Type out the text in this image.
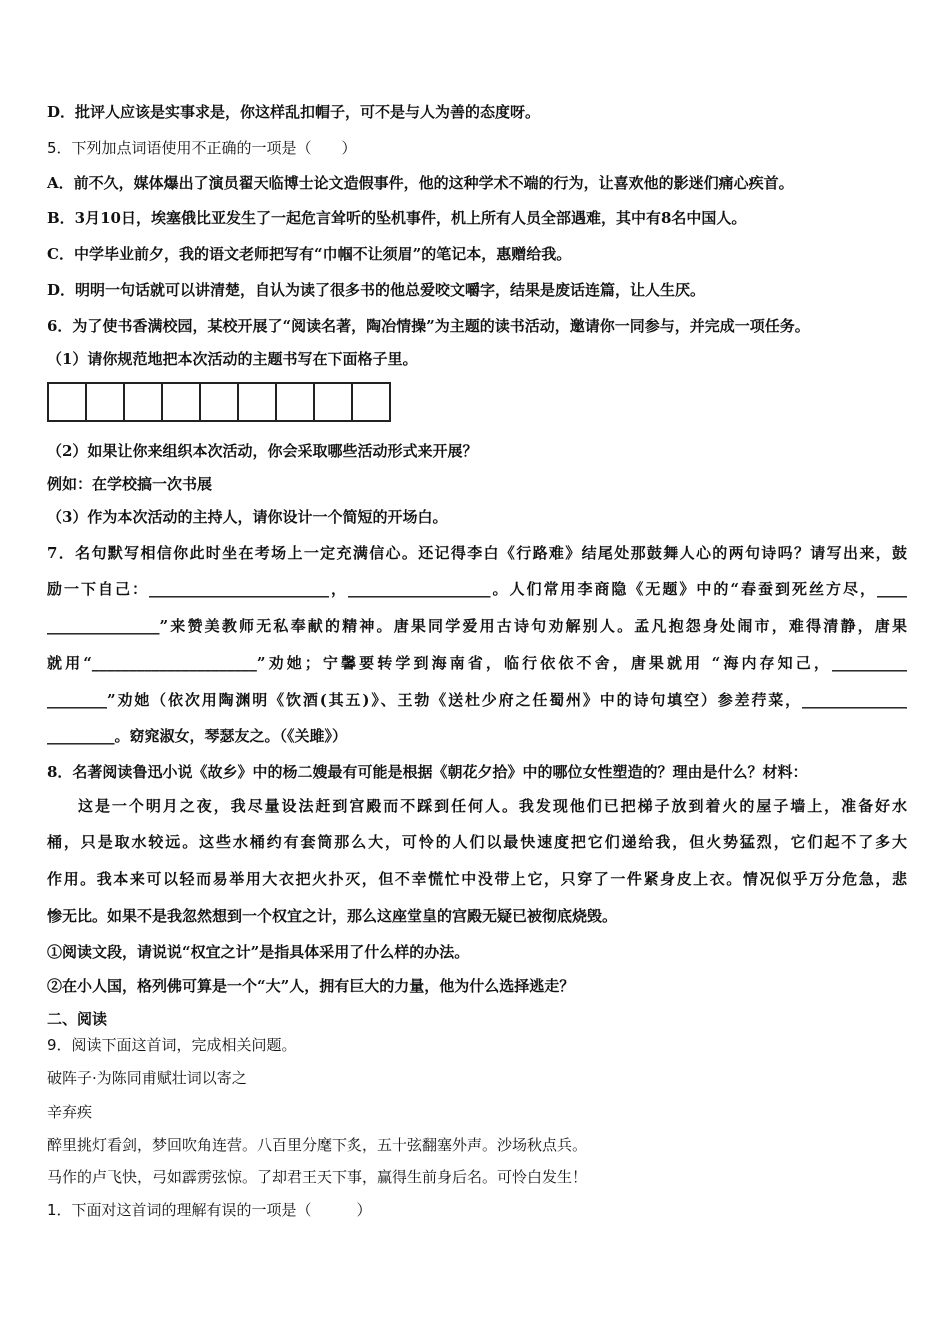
D．批评人应该是实事求是，你这样乱扣帽子，可不是与人为善的态度呀。
5．下列加点词语使用不正确的一项是（　　）
A．前不久，媒体爆出了演员翟天临博士论文造假事件，他的这种学术不端的行为，让喜欢他的影迷们痛心疾首。
B．3月10日，埃塞俄比亚发生了一起危言耸听的坠机事件，机上所有人员全部遇难，其中有8名中国人。
C．中学毕业前夕，我的语文老师把写有“巾帼不让须眉”的笔记本，惠赠给我。
D．明明一句话就可以讲清楚，自认为读了很多书的他总爱咬文嚼字，结果是废话连篇，让人生厌。
6．为了使书香满校园，某校开展了“阅读名著，陶冶情操”为主题的读书活动，邀请你一同参与，并完成一项任务。
（1）请你规范地把本次活动的主题书写在下面格子里。
（2）如果让你来组织本次活动，你会采取哪些活动形式来开展？
例如：在学校搞一次书展
（3）作为本次活动的主持人，请你设计一个简短的开场白。
7．名句默写相信你此时坐在考场上一定充满信心。还记得李白《行路难》结尾处那鼓舞人心的两句诗吗？请写出来，鼓
励一下自己：________________________，___________________。人们常用李商隐《无题》中的“春蚕到死丝方尽，____
_______________”来赞美教师无私奉献的精神。唐果同学爱用古诗句劝解别人。孟凡抱怨身处闹市，难得清静，唐果
就用“______________________”劝她；宁馨要转学到海南省，临行依依不舍，唐果就用 “海内存知己，__________
________”劝她（依次用陶渊明《饮酒(其五)》、王勃《送杜少府之任蜀州》中的诗句填空）参差荇菜，______________
_________。窈窕淑女，琴瑟友之。（《关雎》）
8．名著阅读鲁迅小说《故乡》中的杨二嫂最有可能是根据《朝花夕拾》中的哪位女性塑造的？理由是什么？材料：
这是一个明月之夜，我尽量设法赶到宫殿而不踩到任何人。我发现他们已把梯子放到着火的屋子墙上，准备好水
桶，只是取水较远。这些水桶约有套筒那么大，可怜的人们以最快速度把它们递给我，但火势猛烈，它们起不了多大
作用。我本来可以轻而易举用大衣把火扑灭，但不幸慌忙中没带上它，只穿了一件紧身皮上衣。情况似乎万分危急，悲
惨无比。如果不是我忽然想到一个权宜之计，那么这座堂皇的宫殿无疑已被彻底烧毁。
①阅读文段，请说说“权宜之计”是指具体采用了什么样的办法。
②在小人国，格列佛可算是一个“大”人，拥有巨大的力量，他为什么选择逃走？
二、阅读
9．阅读下面这首词，完成相关问题。
破阵子·为陈同甫赋壮词以寄之
辛弃疾
醉里挑灯看剑，梦回吹角连营。八百里分麾下炙，五十弦翻塞外声。沙场秋点兵。
马作的卢飞快，弓如霹雳弦惊。了却君王天下事，赢得生前身后名。可怜白发生！
1．下面对这首词的理解有误的一项是（　　　）
